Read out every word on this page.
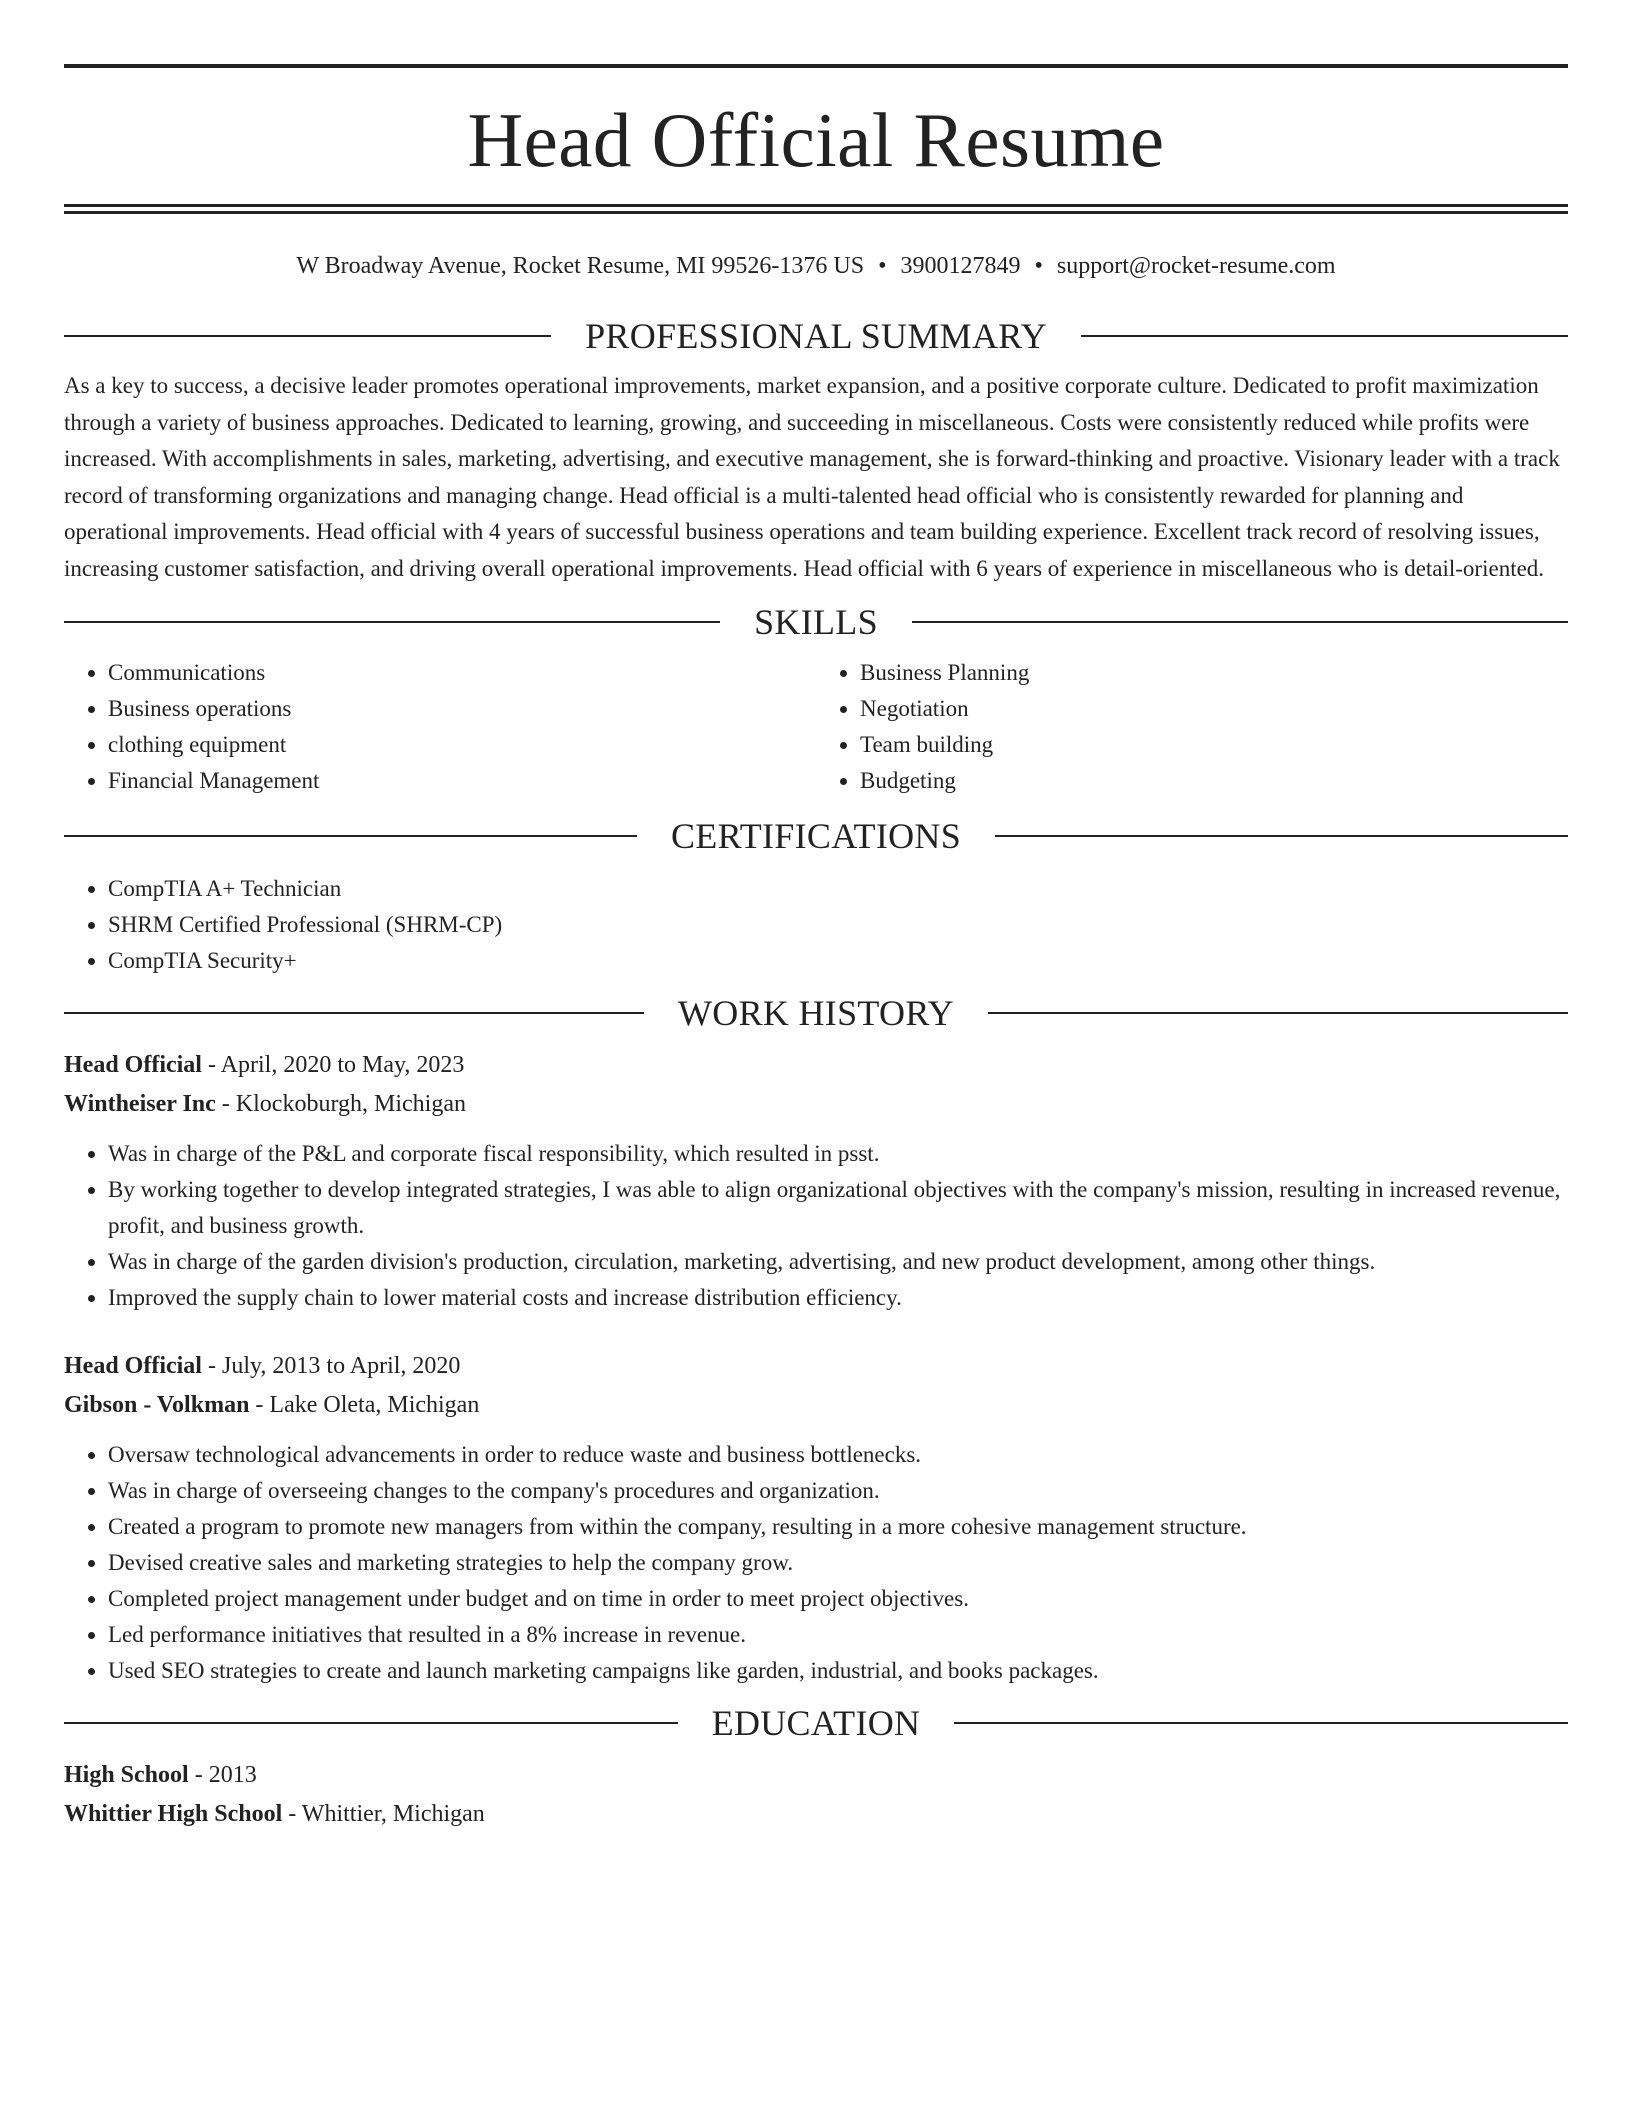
Head Official Resume
W Broadway Avenue, Rocket Resume, MI 99526-1376 US • 3900127849 • support@rocket-resume.com
PROFESSIONAL SUMMARY

As a key to success, a decisive leader promotes operational improvements, market expansion, and a positive corporate culture. Dedicated to profit maximization through a variety of business approaches. Dedicated to learning, growing, and succeeding in miscellaneous. Costs were consistently reduced while profits were increased. With accomplishments in sales, marketing, advertising, and executive management, she is forward-thinking and proactive. Visionary leader with a track record of transforming organizations and managing change. Head official is a multi-talented head official who is consistently rewarded for planning and operational improvements. Head official with 4 years of successful business operations and team building experience. Excellent track record of resolving issues, increasing customer satisfaction, and driving overall operational improvements. Head official with 6 years of experience in miscellaneous who is detail-oriented.

SKILLS
• Communications
• Business operations
• clothing equipment
• Financial Management
• Business Planning
• Negotiation
• Team building
• Budgeting
CERTIFICATIONS
• CompTIA A+ Technician
• SHRM Certified Professional (SHRM-CP)
• CompTIA Security+
WORK HISTORY
Head Official - April, 2020 to May, 2023
Wintheiser Inc - Klockoburgh, Michigan
• Was in charge of the P&L and corporate fiscal responsibility, which resulted in psst.
• By working together to develop integrated strategies, I was able to align organizational objectives with the company's mission, resulting in increased revenue, profit, and business growth.
• Was in charge of the garden division's production, circulation, marketing, advertising, and new product development, among other things.
• Improved the supply chain to lower material costs and increase distribution efficiency.
Head Official - July, 2013 to April, 2020
Gibson - Volkman - Lake Oleta, Michigan
• Oversaw technological advancements in order to reduce waste and business bottlenecks.
• Was in charge of overseeing changes to the company's procedures and organization.
• Created a program to promote new managers from within the company, resulting in a more cohesive management structure.
• Devised creative sales and marketing strategies to help the company grow.
• Completed project management under budget and on time in order to meet project objectives.
• Led performance initiatives that resulted in a 8% increase in revenue.
• Used SEO strategies to create and launch marketing campaigns like garden, industrial, and books packages.
EDUCATION
High School - 2013
Whittier High School - Whittier, Michigan
